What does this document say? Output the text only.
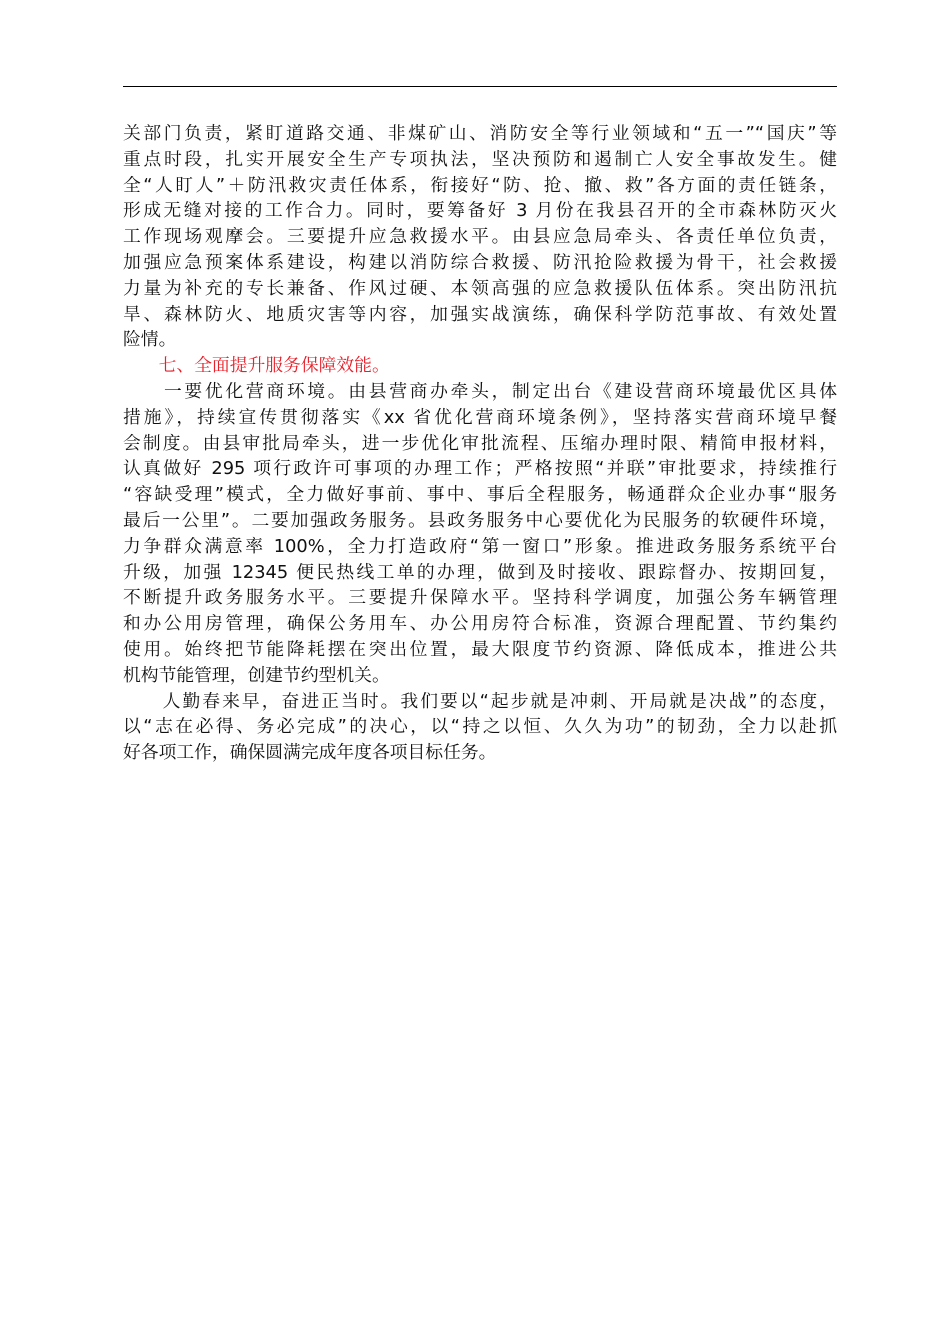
关部门负责，紧盯道路交通、非煤矿山、消防安全等行业领域和“五一”“国庆”等
重点时段，扎实开展安全生产专项执法，坚决预防和遏制亡人安全事故发生。健
全“人盯人”＋防汛救灾责任体系，衔接好“防、抢、撤、救”各方面的责任链条，
形成无缝对接的工作合力。同时，要筹备好 3 月份在我县召开的全市森林防灭火
工作现场观摩会。三要提升应急救援水平。由县应急局牵头、各责任单位负责，
加强应急预案体系建设，构建以消防综合救援、防汛抢险救援为骨干，社会救援
力量为补充的专长兼备、作风过硬、本领高强的应急救援队伍体系。突出防汛抗
旱、森林防火、地质灾害等内容，加强实战演练，确保科学防范事故、有效处置
险情。
　　七、全面提升服务保障效能。
　　一要优化营商环境。由县营商办牵头，制定出台《建设营商环境最优区具体
措施》，持续宣传贯彻落实《xx 省优化营商环境条例》，坚持落实营商环境早餐
会制度。由县审批局牵头，进一步优化审批流程、压缩办理时限、精简申报材料，
认真做好 295 项行政许可事项的办理工作；严格按照“并联”审批要求，持续推行
“容缺受理”模式，全力做好事前、事中、事后全程服务，畅通群众企业办事“服务
最后一公里”。二要加强政务服务。县政务服务中心要优化为民服务的软硬件环境，
力争群众满意率 100%，全力打造政府“第一窗口”形象。推进政务服务系统平台
升级，加强 12345 便民热线工单的办理，做到及时接收、跟踪督办、按期回复，
不断提升政务服务水平。三要提升保障水平。坚持科学调度，加强公务车辆管理
和办公用房管理，确保公务用车、办公用房符合标准，资源合理配置、节约集约
使用。始终把节能降耗摆在突出位置，最大限度节约资源、降低成本，推进公共
机构节能管理，创建节约型机关。
　　人勤春来早，奋进正当时。我们要以“起步就是冲刺、开局就是决战”的态度，
以“志在必得、务必完成”的决心，以“持之以恒、久久为功”的韧劲，全力以赴抓
好各项工作，确保圆满完成年度各项目标任务。
